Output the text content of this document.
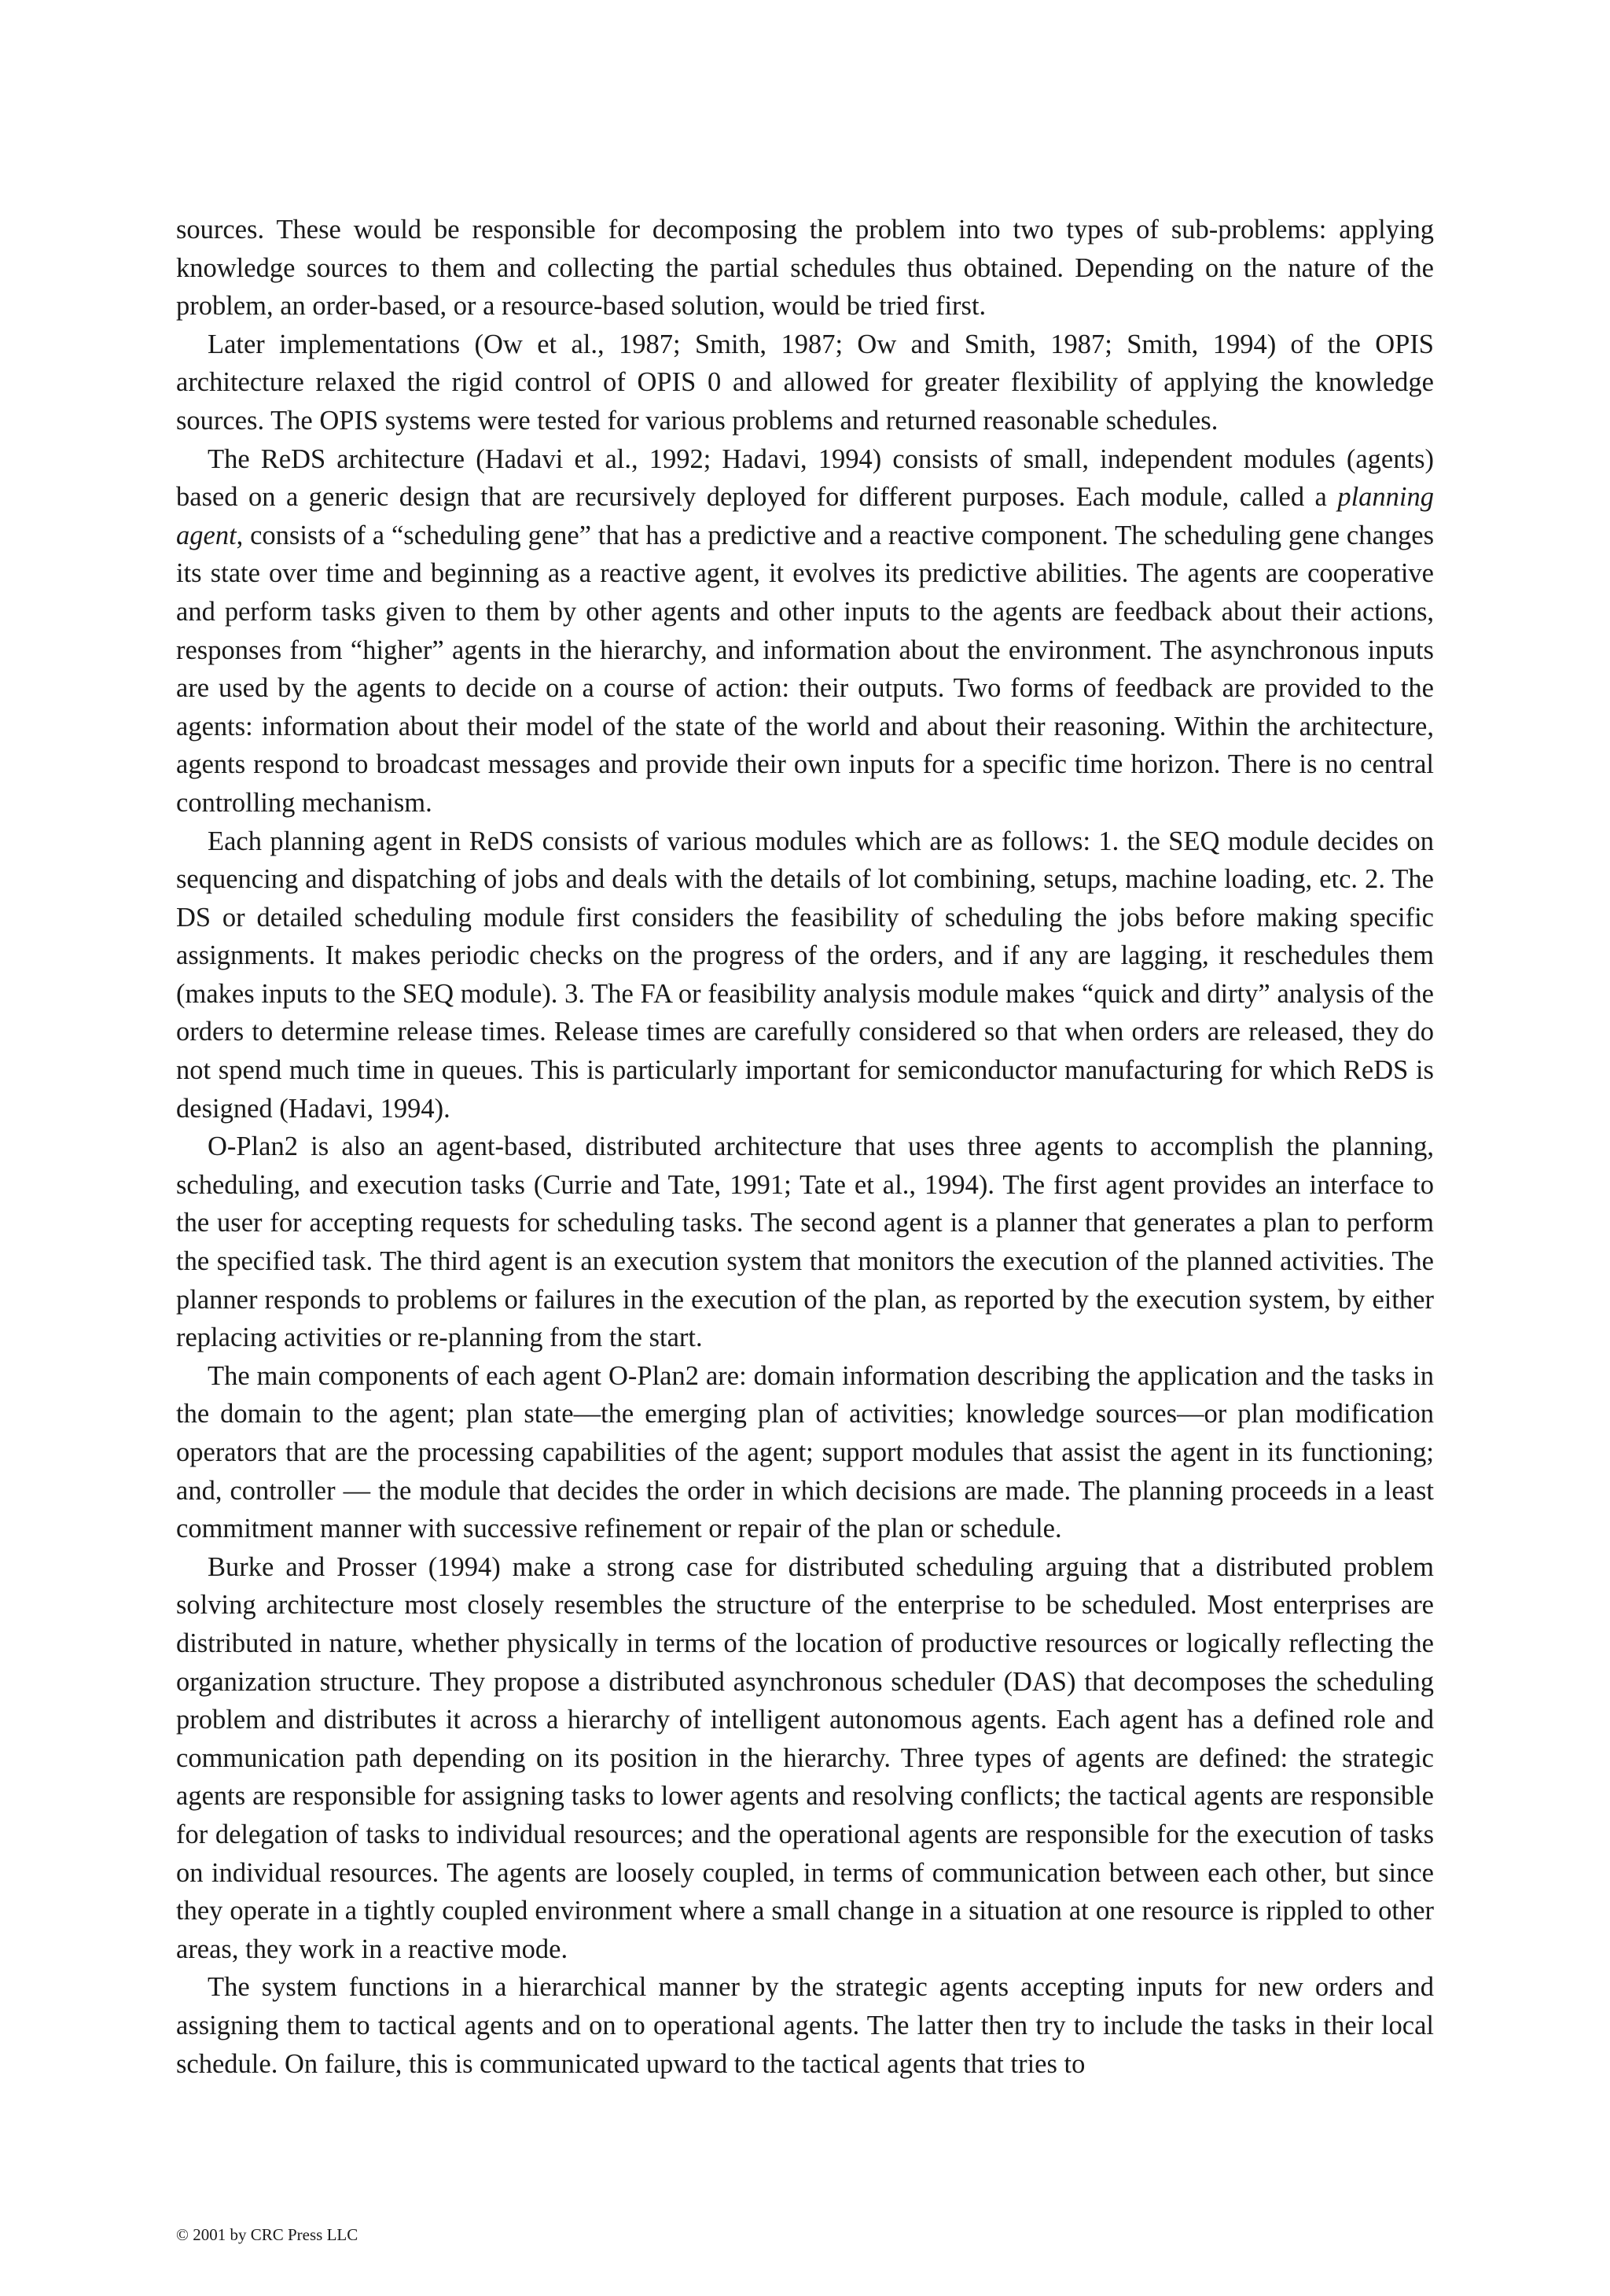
sources. These would be responsible for decomposing the problem into two types of sub-problems: applying knowledge sources to them and collecting the partial schedules thus obtained. Depending on the nature of the problem, an order-based, or a resource-based solution, would be tried first.

Later implementations (Ow et al., 1987; Smith, 1987; Ow and Smith, 1987; Smith, 1994) of the OPIS architecture relaxed the rigid control of OPIS 0 and allowed for greater flexibility of applying the knowledge sources. The OPIS systems were tested for various problems and returned reasonable schedules.

The ReDS architecture (Hadavi et al., 1992; Hadavi, 1994) consists of small, independent modules (agents) based on a generic design that are recursively deployed for different purposes. Each module, called a planning agent, consists of a “scheduling gene” that has a predictive and a reactive component. The scheduling gene changes its state over time and beginning as a reactive agent, it evolves its predictive abilities. The agents are cooperative and perform tasks given to them by other agents and other inputs to the agents are feedback about their actions, responses from “higher” agents in the hierarchy, and information about the environment. The asynchronous inputs are used by the agents to decide on a course of action: their outputs. Two forms of feedback are provided to the agents: information about their model of the state of the world and about their reasoning. Within the architecture, agents respond to broadcast messages and provide their own inputs for a specific time horizon. There is no central controlling mechanism.

Each planning agent in ReDS consists of various modules which are as follows: 1. the SEQ module decides on sequencing and dispatching of jobs and deals with the details of lot combining, setups, machine loading, etc. 2. The DS or detailed scheduling module first considers the feasibility of scheduling the jobs before making specific assignments. It makes periodic checks on the progress of the orders, and if any are lagging, it reschedules them (makes inputs to the SEQ module). 3. The FA or feasibility analysis module makes “quick and dirty” analysis of the orders to determine release times. Release times are carefully considered so that when orders are released, they do not spend much time in queues. This is particularly important for semiconductor manufacturing for which ReDS is designed (Hadavi, 1994).

O-Plan2 is also an agent-based, distributed architecture that uses three agents to accomplish the planning, scheduling, and execution tasks (Currie and Tate, 1991; Tate et al., 1994). The first agent provides an interface to the user for accepting requests for scheduling tasks. The second agent is a planner that generates a plan to perform the specified task. The third agent is an execution system that monitors the execution of the planned activities. The planner responds to problems or failures in the execution of the plan, as reported by the execution system, by either replacing activities or re-planning from the start.

The main components of each agent O-Plan2 are: domain information describing the application and the tasks in the domain to the agent; plan state—the emerging plan of activities; knowledge sources—or plan modification operators that are the processing capabilities of the agent; support modules that assist the agent in its functioning; and, controller — the module that decides the order in which decisions are made. The planning proceeds in a least commitment manner with successive refinement or repair of the plan or schedule.

Burke and Prosser (1994) make a strong case for distributed scheduling arguing that a distributed problem solving architecture most closely resembles the structure of the enterprise to be scheduled. Most enterprises are distributed in nature, whether physically in terms of the location of productive resources or logically reflecting the organization structure. They propose a distributed asynchronous scheduler (DAS) that decomposes the scheduling problem and distributes it across a hierarchy of intelligent autonomous agents. Each agent has a defined role and communication path depending on its position in the hierarchy. Three types of agents are defined: the strategic agents are responsible for assigning tasks to lower agents and resolving conflicts; the tactical agents are responsible for delegation of tasks to individual resources; and the operational agents are responsible for the execution of tasks on individual resources. The agents are loosely coupled, in terms of communication between each other, but since they operate in a tightly coupled environment where a small change in a situation at one resource is rippled to other areas, they work in a reactive mode.

The system functions in a hierarchical manner by the strategic agents accepting inputs for new orders and assigning them to tactical agents and on to operational agents. The latter then try to include the tasks in their local schedule. On failure, this is communicated upward to the tactical agents that tries to

© 2001 by CRC Press LLC
